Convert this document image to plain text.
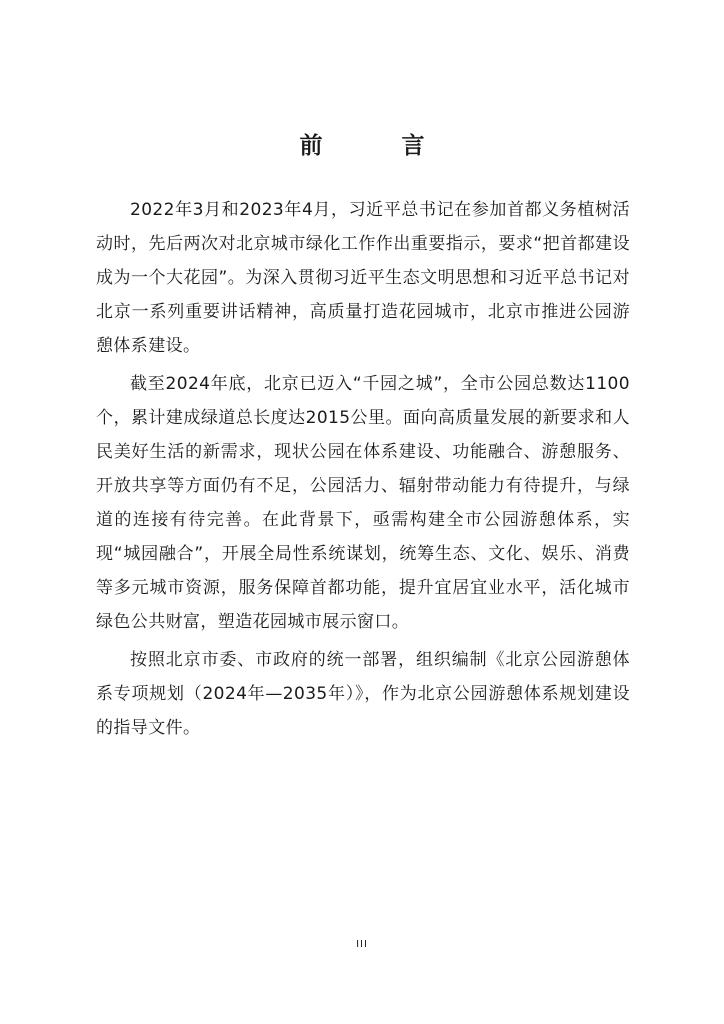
前　言

2022年3月和2023年4月，习近平总书记在参加首都义务植树活动时，先后两次对北京城市绿化工作作出重要指示，要求“把首都建设成为一个大花园”。为深入贯彻习近平生态文明思想和习近平总书记对北京一系列重要讲话精神，高质量打造花园城市，北京市推进公园游憩体系建设。

截至2024年底，北京已迈入“千园之城”，全市公园总数达1100个，累计建成绿道总长度达2015公里。面向高质量发展的新要求和人民美好生活的新需求，现状公园在体系建设、功能融合、游憩服务、开放共享等方面仍有不足，公园活力、辐射带动能力有待提升，与绿道的连接有待完善。在此背景下，亟需构建全市公园游憩体系，实现“城园融合”，开展全局性系统谋划，统筹生态、文化、娱乐、消费等多元城市资源，服务保障首都功能，提升宜居宜业水平，活化城市绿色公共财富，塑造花园城市展示窗口。

按照北京市委、市政府的统一部署，组织编制《北京公园游憩体系专项规划（2024年—2035年）》，作为北京公园游憩体系规划建设的指导文件。

III
